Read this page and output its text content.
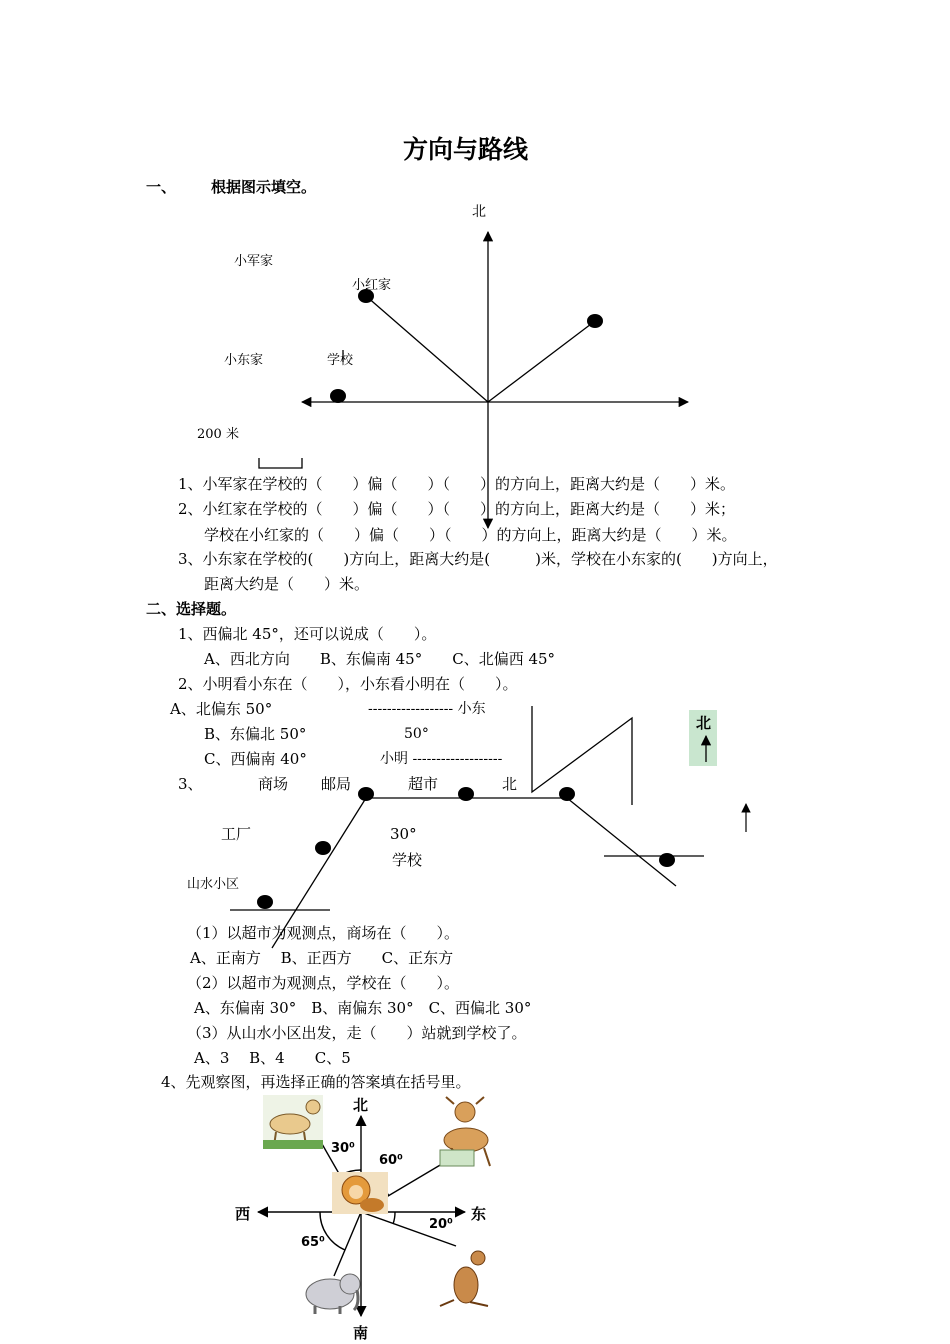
方向与路线
一、 根据图示填空。
北
小军家
小红家
小东家	学校
200 米
1、小军家在学校的（　　）偏（　　）（　　）的方向上，距离大约是（　　）米。
2、小红家在学校的（　　）偏（　　）（　　）的方向上，距离大约是（　　）米；
学校在小红家的（　　）偏（　　）（　　）的方向上，距离大约是（　　）米。
3、小东家在学校的(　　)方向上，距离大约是(　　　)米，学校在小东家的(　　)方向上，
距离大约是（　　）米。
二、选择题。
1、西偏北 45°，还可以说成（　　）。
A、西北方向　　B、东偏南 45°　　C、北偏西 45°
2、小明看小东在（　　），小东看小明在（　　）。
A、北偏东 50°	------------------ 小东
B、东偏北 50°	50°
C、西偏南 40°	小明 -------------------
北
3、	商场 邮局	超市	北
工厂	30°
学校
山水小区
（1）以超市为观测点，商场在（　　）。
A、正南方　 B、正西方　　C、正东方
（2）以超市为观测点，学校在（　　）。
A、东偏南 30°　B、南偏东 30°　C、西偏北 30°
（3）从山水小区出发，走（　　）站就到学校了。
A、3　 B、4　　C、5
4、先观察图，再选择正确的答案填在括号里。
北
南
西	东
30⁰
60⁰
20⁰
65⁰
